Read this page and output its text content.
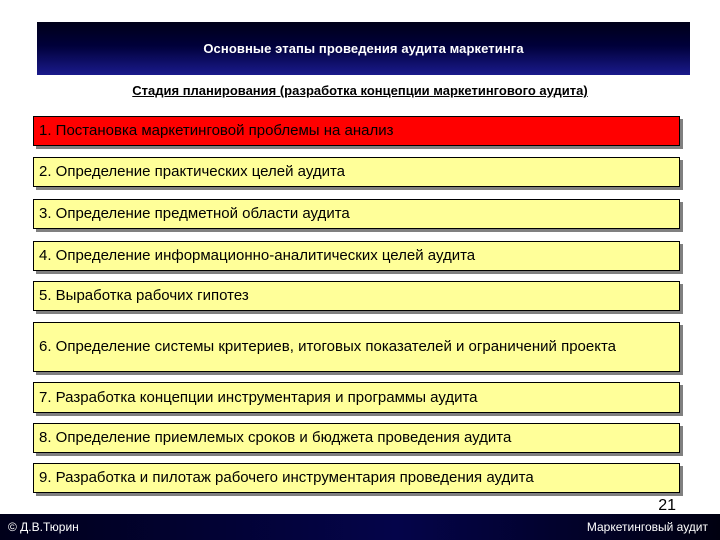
Основные этапы проведения аудита маркетинга
Стадия планирования (разработка концепции маркетингового аудита)
1. Постановка маркетинговой проблемы на анализ
2. Определение практических целей аудита
3. Определение предметной области аудита
4. Определение информационно-аналитических целей аудита
5. Выработка рабочих гипотез
6. Определение системы критериев, итоговых показателей и ограничений проекта
7. Разработка концепции инструментария и программы аудита
8. Определение приемлемых сроков и бюджета проведения аудита
9. Разработка и пилотаж рабочего инструментария проведения аудита
21
© Д.В.Тюрин	Маркетинговый аудит
